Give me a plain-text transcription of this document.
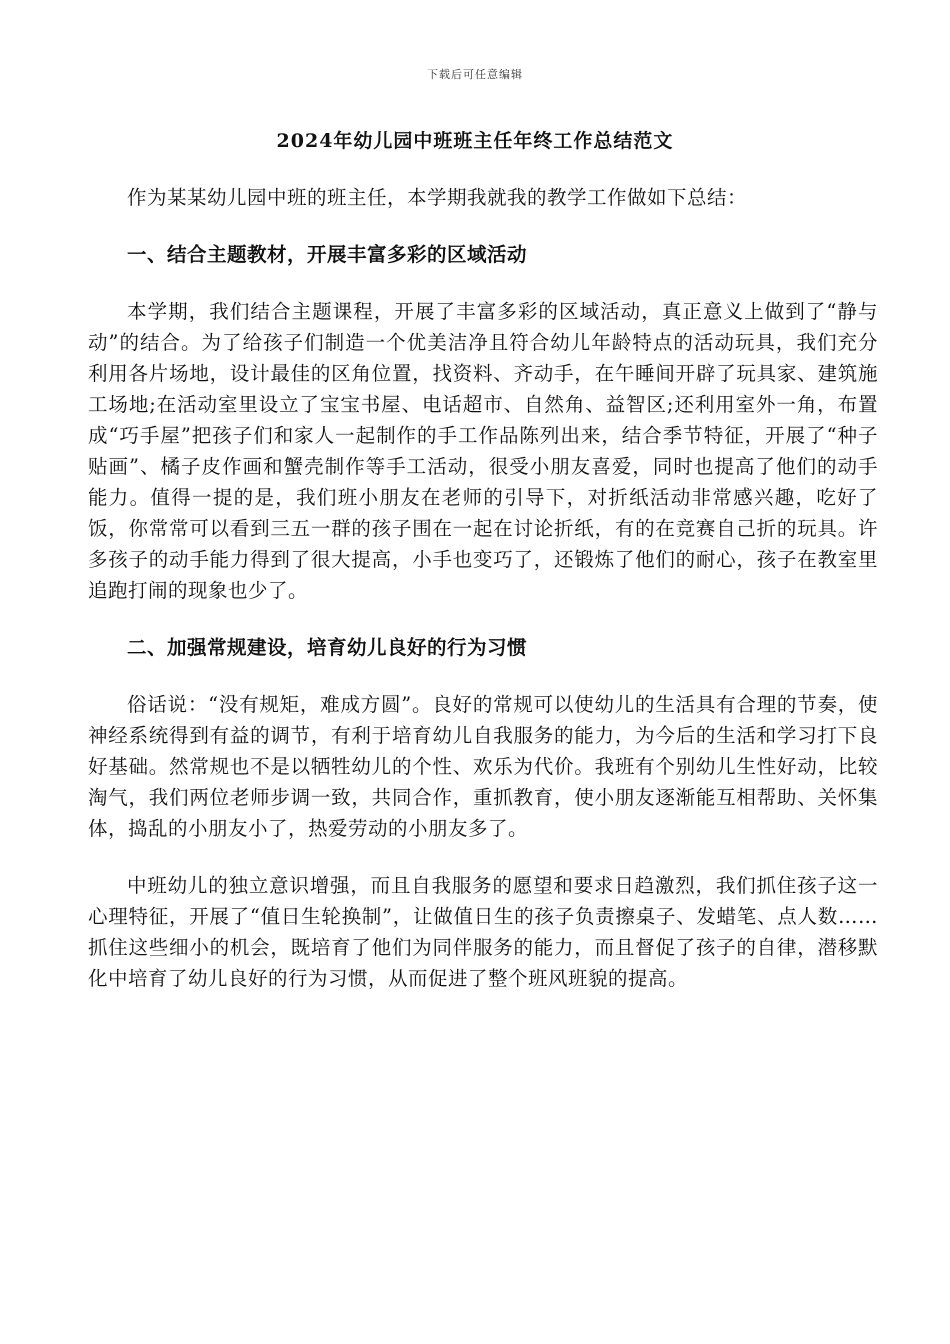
下载后可任意编辑
2024年幼儿园中班班主任年终工作总结范文

作为某某幼儿园中班的班主任，本学期我就我的教学工作做如下总结：

一、结合主题教材，开展丰富多彩的区域活动

本学期，我们结合主题课程，开展了丰富多彩的区域活动，真正意义上做到了“静与动”的结合。为了给孩子们制造一个优美洁净且符合幼儿年龄特点的活动玩具，我们充分利用各片场地，设计最佳的区角位置，找资料、齐动手，在午睡间开辟了玩具家、建筑施工场地;在活动室里设立了宝宝书屋、电话超市、自然角、益智区;还利用室外一角，布置成“巧手屋”把孩子们和家人一起制作的手工作品陈列出来，结合季节特征，开展了“种子贴画”、橘子皮作画和蟹壳制作等手工活动，很受小朋友喜爱，同时也提高了他们的动手能力。值得一提的是，我们班小朋友在老师的引导下，对折纸活动非常感兴趣，吃好了饭，你常常可以看到三五一群的孩子围在一起在讨论折纸，有的在竞赛自己折的玩具。许多孩子的动手能力得到了很大提高，小手也变巧了，还锻炼了他们的耐心，孩子在教室里追跑打闹的现象也少了。

二、加强常规建设，培育幼儿良好的行为习惯

俗话说：“没有规矩，难成方圆”。良好的常规可以使幼儿的生活具有合理的节奏，使神经系统得到有益的调节，有利于培育幼儿自我服务的能力，为今后的生活和学习打下良好基础。然常规也不是以牺牲幼儿的个性、欢乐为代价。我班有个别幼儿生性好动，比较淘气，我们两位老师步调一致，共同合作，重抓教育，使小朋友逐渐能互相帮助、关怀集体，捣乱的小朋友小了，热爱劳动的小朋友多了。

中班幼儿的独立意识增强，而且自我服务的愿望和要求日趋激烈，我们抓住孩子这一心理特征，开展了“值日生轮换制”，让做值日生的孩子负责擦桌子、发蜡笔、点人数……抓住这些细小的机会，既培育了他们为同伴服务的能力，而且督促了孩子的自律，潜移默化中培育了幼儿良好的行为习惯，从而促进了整个班风班貌的提高。
